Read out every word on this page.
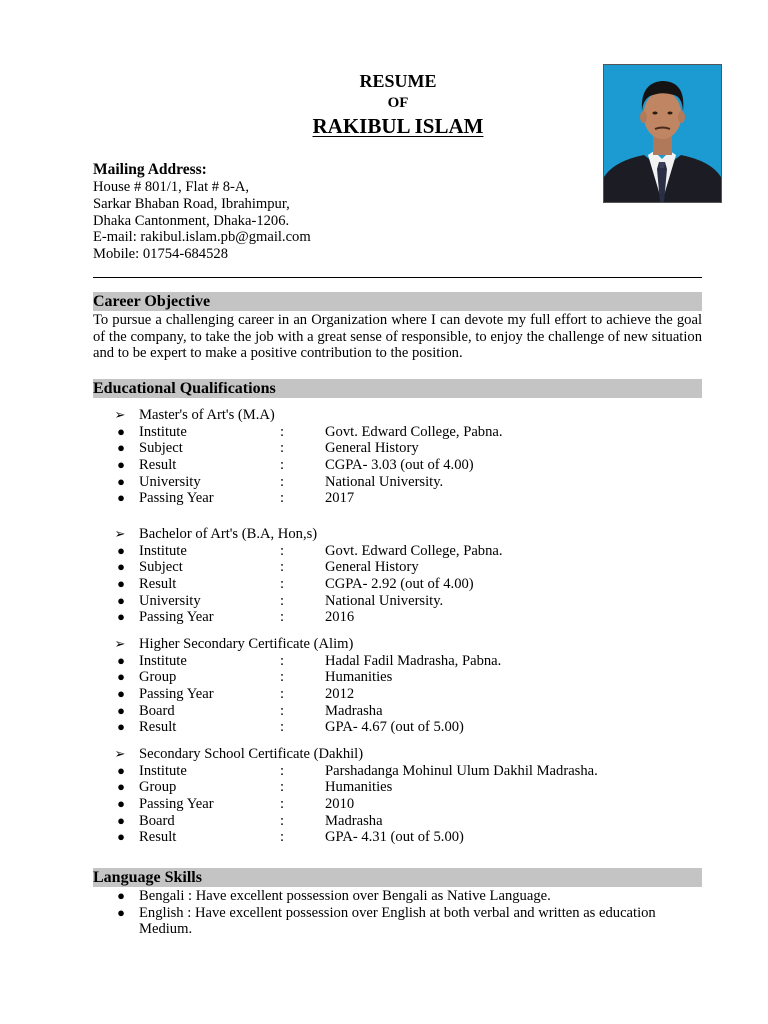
RESUME
OF
RAKIBUL ISLAM
Mailing Address:
House # 801/1, Flat # 8-A,
Sarkar Bhaban Road, Ibrahimpur,
Dhaka Cantonment, Dhaka-1206.
E-mail: rakibul.islam.pb@gmail.com
Mobile: 01754-684528
Career Objective
To pursue a challenging career in an Organization where I can devote my full effort to achieve the goal of the company, to take the job with a great sense of responsible, to enjoy the challenge of new situation and to be expert to make a positive contribution to the position.
Educational Qualifications
➢ Master's of Art's (M.A)
● Institute	:	Govt. Edward College, Pabna.
● Subject	:	General History
● Result	:	CGPA- 3.03 (out of 4.00)
● University	:	National University.
● Passing Year	:	2017
➢ Bachelor of Art's (B.A, Hon,s)
● Institute	:	Govt. Edward College, Pabna.
● Subject	:	General History
● Result	:	CGPA- 2.92 (out of 4.00)
● University	:	National University.
● Passing Year	:	2016
➢ Higher Secondary Certificate (Alim)
● Institute	:	Hadal Fadil Madrasha, Pabna.
● Group	:	Humanities
● Passing Year	:	2012
● Board	:	Madrasha
● Result	:	GPA- 4.67 (out of 5.00)
➢ Secondary School Certificate (Dakhil)
● Institute	:	Parshadanga Mohinul Ulum Dakhil Madrasha.
● Group	:	Humanities
● Passing Year	:	2010
● Board	:	Madrasha
● Result	:	GPA- 4.31 (out of 5.00)
Language Skills
● Bengali : Have excellent possession over Bengali as Native Language.
● English : Have excellent possession over English at both verbal and written as education Medium.
